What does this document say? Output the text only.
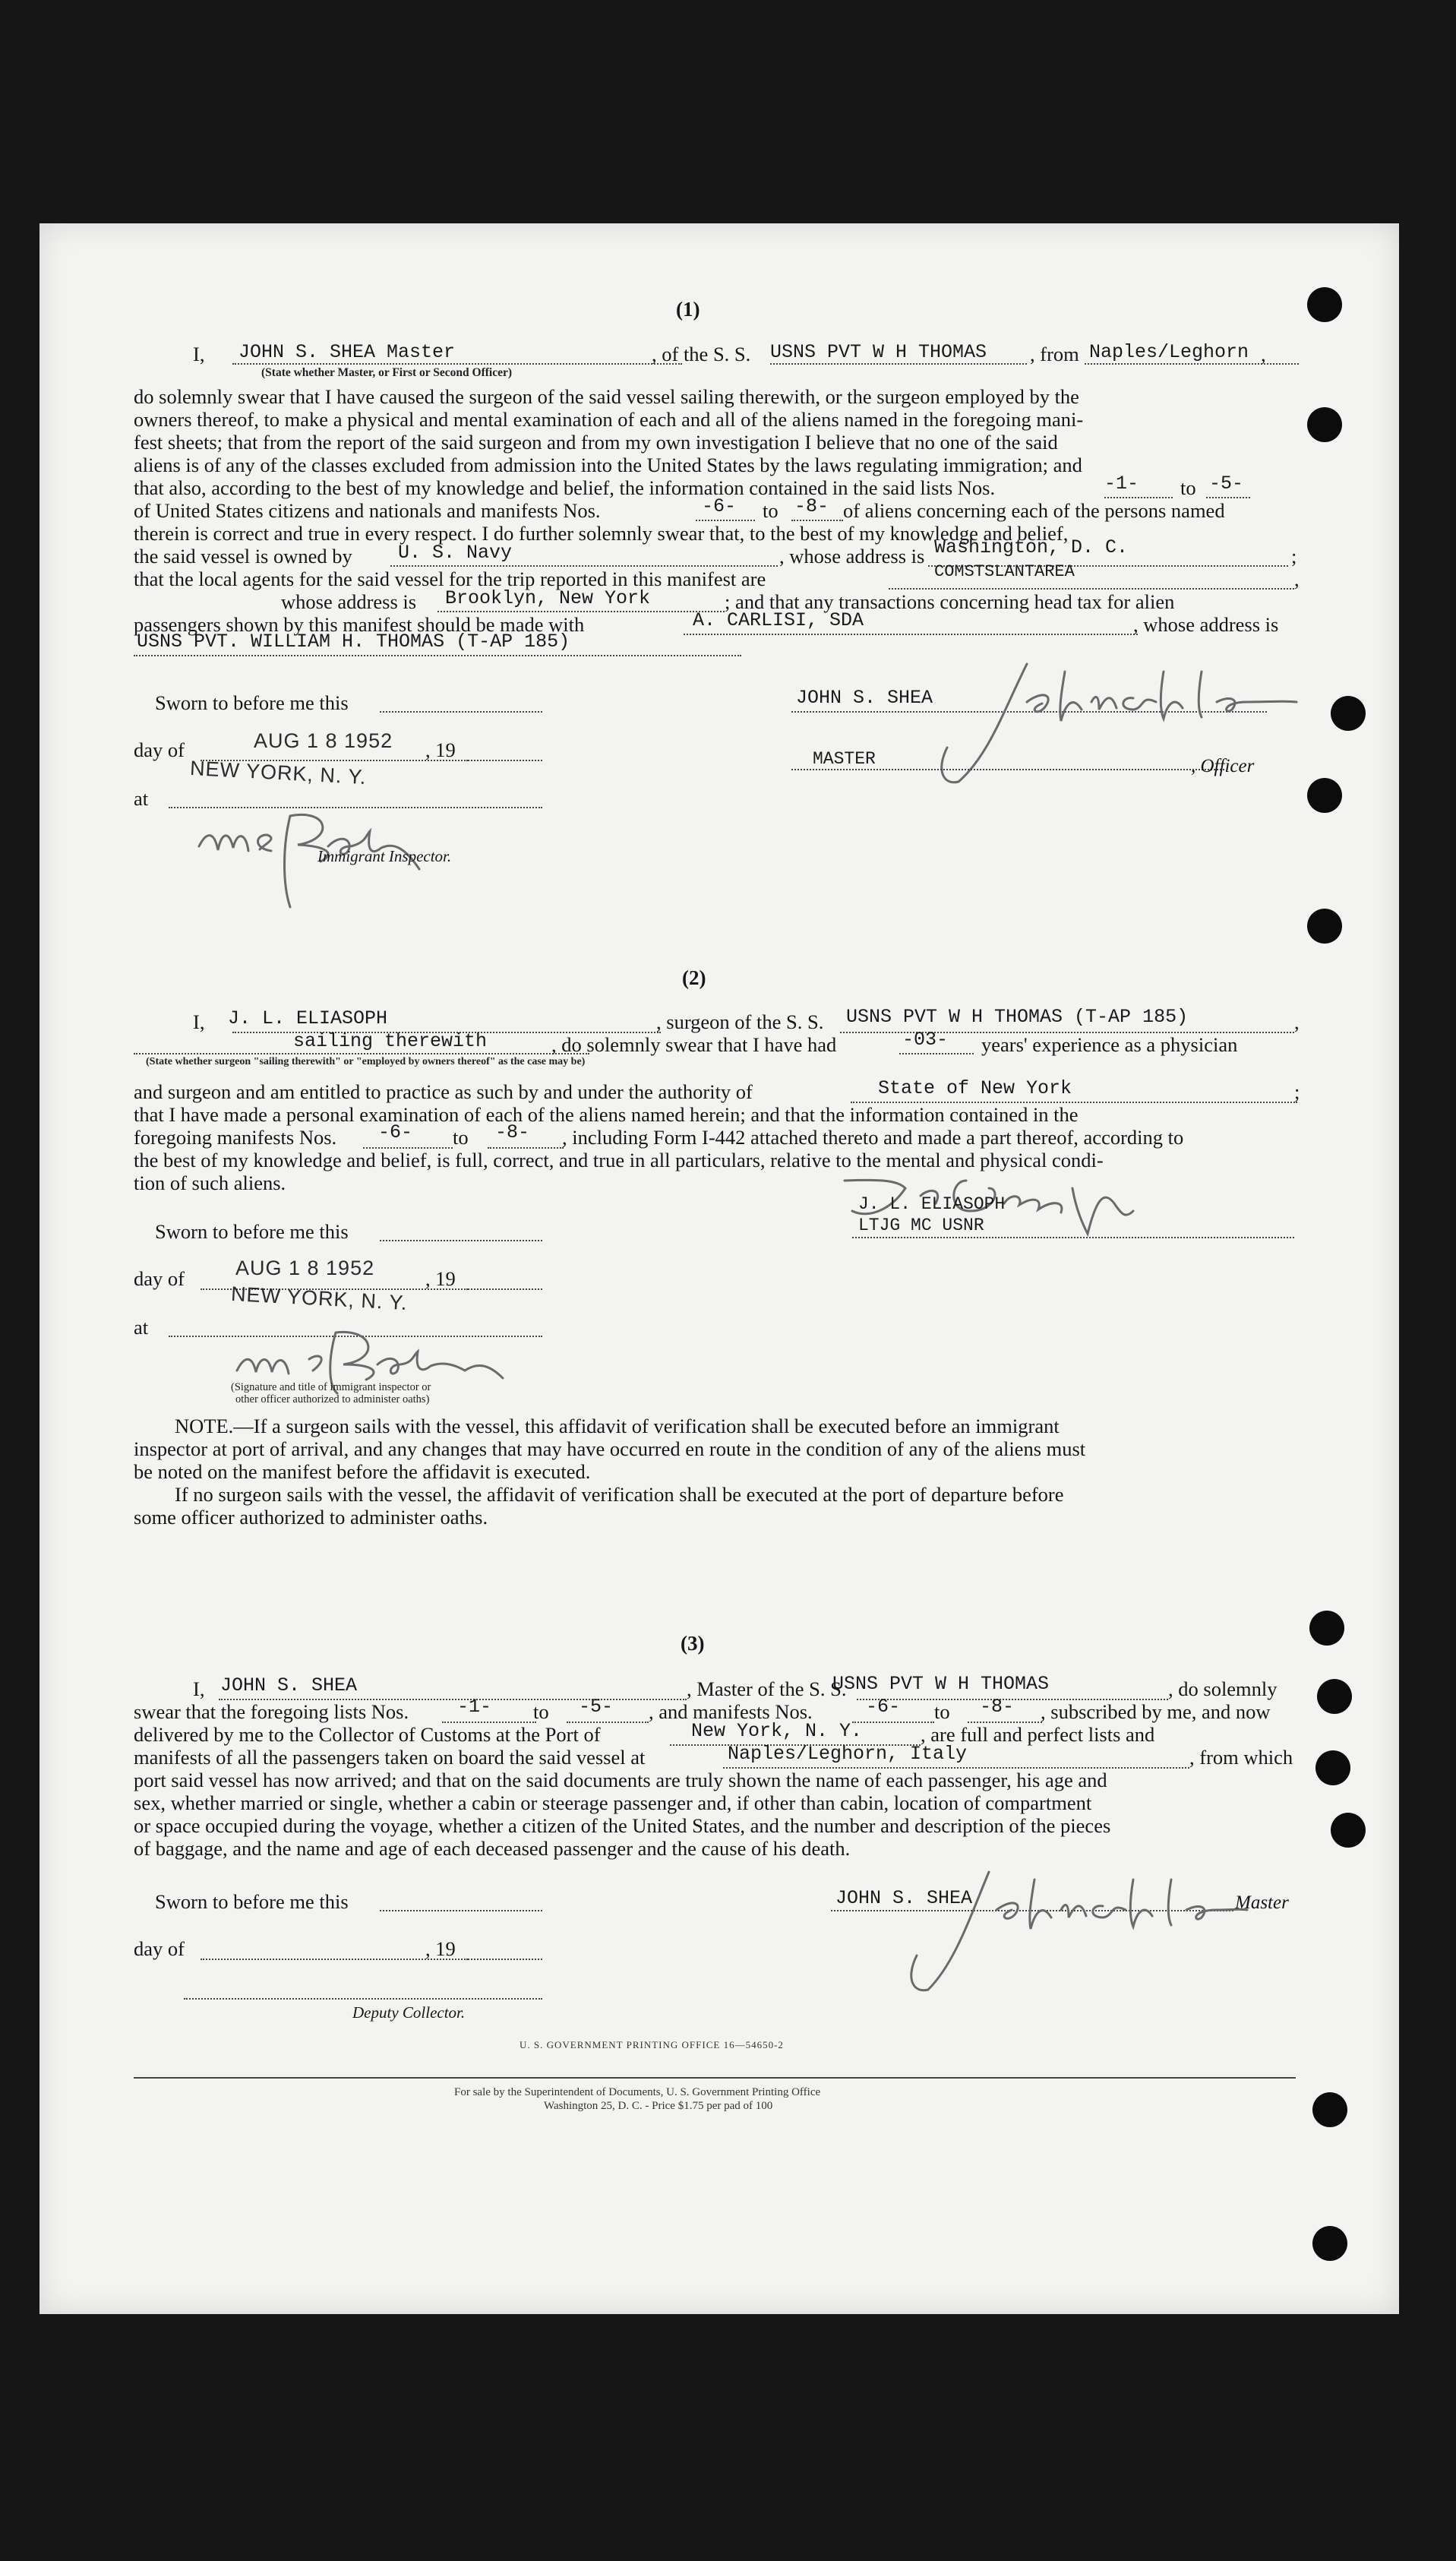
(1)
I, JOHN S. SHEA Master	, of the S. S. USNS PVT W H THOMAS , from Naples/Leghorn ,
(State whether Master, or First or Second Officer)
do solemnly swear that I have caused the surgeon of the said vessel sailing therewith, or the surgeon employed by the
owners thereof, to make a physical and mental examination of each and all of the aliens named in the foregoing mani-
fest sheets; that from the report of the said surgeon and from my own investigation I believe that no one of the said
aliens is of any of the classes excluded from admission into the United States by the laws regulating immigration; and
that also, according to the best of my knowledge and belief, the information contained in the said lists Nos.	-1- to -5-
of United States citizens and nationals and manifests Nos.	-6- to -8- of aliens concerning each of the persons named
therein is correct and true in every respect. I do further solemnly swear that, to the best of my knowledge and belief,
the said vessel is owned by U. S. Navy	, whose address is Washington, D. C.	;
that the local agents for the said vessel for the trip reported in this manifest are	COMSTSLANTAREA	,
whose address is Brooklyn, New York	; and that any transactions concerning head tax for alien
passengers shown by this manifest should be made with	A. CARLISI, SDA	, whose address is
USNS PVT. WILLIAM H. THOMAS (T-AP 185)
Sworn to before me this
day of	AUG 1 8 1952 , 19
NEW YORK, N. Y.
at
Immigrant Inspector.
JOHN S. SHEA
MASTER	, Officer
(2)
I, J. L. ELIASOPH	, surgeon of the S. S. USNS PVT W H THOMAS (T-AP 185)	,
sailing therewith	, do solemnly swear that I have had	-03- years' experience as a physician
(State whether surgeon "sailing therewith" or "employed by owners thereof" as the case may be)
and surgeon and am entitled to practice as such by and under the authority of	State of New York	;
that I have made a personal examination of each of the aliens named herein; and that the information contained in the
foregoing manifests Nos. -6- to -8- , including Form I-442 attached thereto and made a part thereof, according to
the best of my knowledge and belief, is full, correct, and true in all particulars, relative to the mental and physical condi-
tion of such aliens.
J. L. ELIASOPH
LTJG MC USNR
Sworn to before me this
day of AUG 1 8 1952	, 19
NEW YORK, N. Y.
at
(Signature and title of immigrant inspector or
other officer authorized to administer oaths)
NOTE.—If a surgeon sails with the vessel, this affidavit of verification shall be executed before an immigrant
inspector at port of arrival, and any changes that may have occurred en route in the condition of any of the aliens must
be noted on the manifest before the affidavit is executed.
If no surgeon sails with the vessel, the affidavit of verification shall be executed at the port of departure before
some officer authorized to administer oaths.
(3)
I, JOHN S. SHEA	, Master of the S. S.
USNS PVT W H THOMAS	, do solemnly
swear that the foregoing lists Nos.	-1- to -5- , and manifests Nos.	-6- to -8- , subscribed by me, and now
delivered by me to the Collector of Customs at the Port of	New York, N. Y.	, are full and perfect lists and
manifests of all the passengers taken on board the said vessel at	Naples/Leghorn, Italy	, from which
port said vessel has now arrived; and that on the said documents are truly shown the name of each passenger, his age and
sex, whether married or single, whether a cabin or steerage passenger and, if other than cabin, location of compartment
or space occupied during the voyage, whether a citizen of the United States, and the number and description of the pieces
of baggage, and the name and age of each deceased passenger and the cause of his death.
Sworn to before me this	JOHN S. SHEA	Master
day of	, 19
Deputy Collector.
U. S. GOVERNMENT PRINTING OFFICE 16—54650-2
For sale by the Superintendent of Documents, U. S. Government Printing Office
Washington 25, D. C. - Price $1.75 per pad of 100
